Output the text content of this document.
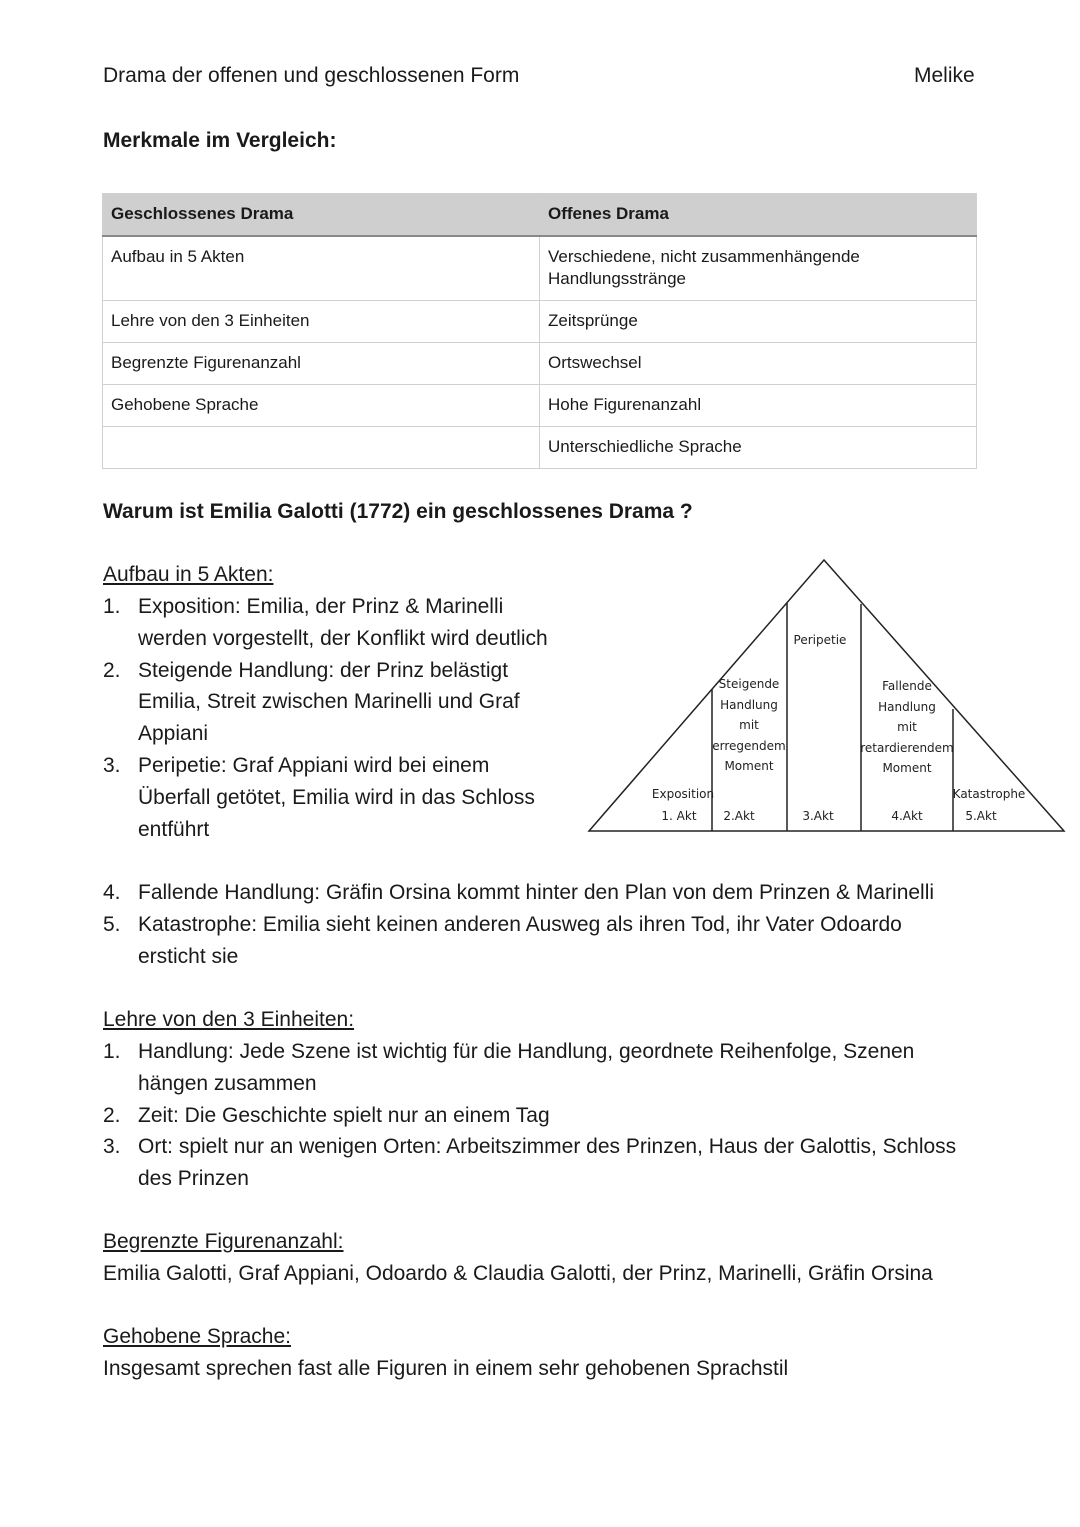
Drama der offenen und geschlossenen Form	Melike
Merkmale im Vergleich:
Geschlossenes Drama	Offenes Drama
Aufbau in 5 Akten	Verschiedene, nicht zusammenhängende Handlungsstränge
Lehre von den 3 Einheiten	Zeitsprünge
Begrenzte Figurenanzahl	Ortswechsel
Gehobene Sprache	Hohe Figurenanzahl
	Unterschiedliche Sprache
Warum ist Emilia Galotti (1772) ein geschlossenes Drama ?
Aufbau in 5 Akten:
1. Exposition: Emilia, der Prinz & Marinelli werden vorgestellt, der Konflikt wird deutlich
2. Steigende Handlung: der Prinz belästigt Emilia, Streit zwischen Marinelli und Graf Appiani
3. Peripetie: Graf Appiani wird bei einem Überfall getötet, Emilia wird in das Schloss entführt
4. Fallende Handlung: Gräfin Orsina kommt hinter den Plan von dem Prinzen & Marinelli
5. Katastrophe: Emilia sieht keinen anderen Ausweg als ihren Tod, ihr Vater Odoardo ersticht sie
Exposition
1. Akt
Steigende
Handlung
mit
erregendem
Moment
2.Akt
Peripetie
3.Akt
Fallende
Handlung
mit
retardierendem
Moment
4.Akt
Katastrophe
5.Akt
Lehre von den 3 Einheiten:
1. Handlung: Jede Szene ist wichtig für die Handlung, geordnete Reihenfolge, Szenen hängen zusammen
2. Zeit: Die Geschichte spielt nur an einem Tag
3. Ort: spielt nur an wenigen Orten: Arbeitszimmer des Prinzen, Haus der Galottis, Schloss des Prinzen
Begrenzte Figurenanzahl:
Emilia Galotti, Graf Appiani, Odoardo & Claudia Galotti, der Prinz, Marinelli, Gräfin Orsina
Gehobene Sprache:
Insgesamt sprechen fast alle Figuren in einem sehr gehobenen Sprachstil
